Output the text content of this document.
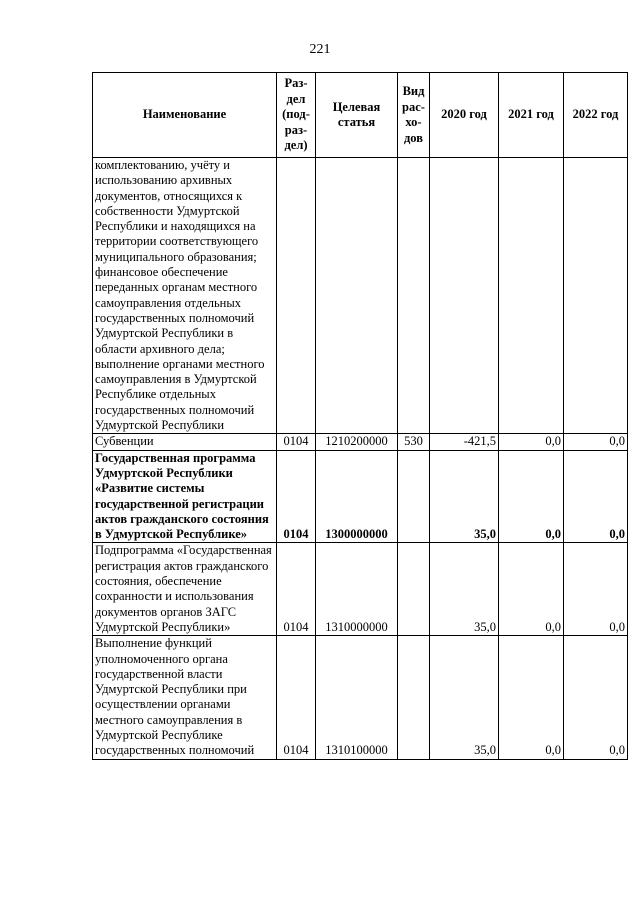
221
Наименование	Раз-дел (под-раз-дел)	Целевая статья	Вид рас-хо-дов	2020 год	2021 год	2022 год
комплектованию, учёту и использованию архивных документов, относящихся к собственности Удмуртской Республики и находящихся на территории соответствующего муниципального образования; финансовое обеспечение переданных органам местного самоуправления отдельных государственных полномочий Удмуртской Республики в области архивного дела; выполнение органами местного самоуправления в Удмуртской Республике отдельных государственных полномочий Удмуртской Республики						
Субвенции	0104	1210200000	530	-421,5	0,0	0,0
Государственная программа Удмуртской Республики «Развитие системы государственной регистрации актов гражданского состояния в Удмуртской Республике»	0104	1300000000		35,0	0,0	0,0
Подпрограмма «Государственная регистрация актов гражданского состояния, обеспечение сохранности и использования документов органов ЗАГС Удмуртской Республики»	0104	1310000000		35,0	0,0	0,0
Выполнение функций уполномоченного органа государственной власти Удмуртской Республики при осуществлении органами местного самоуправления в Удмуртской Республике государственных полномочий	0104	1310100000		35,0	0,0	0,0
